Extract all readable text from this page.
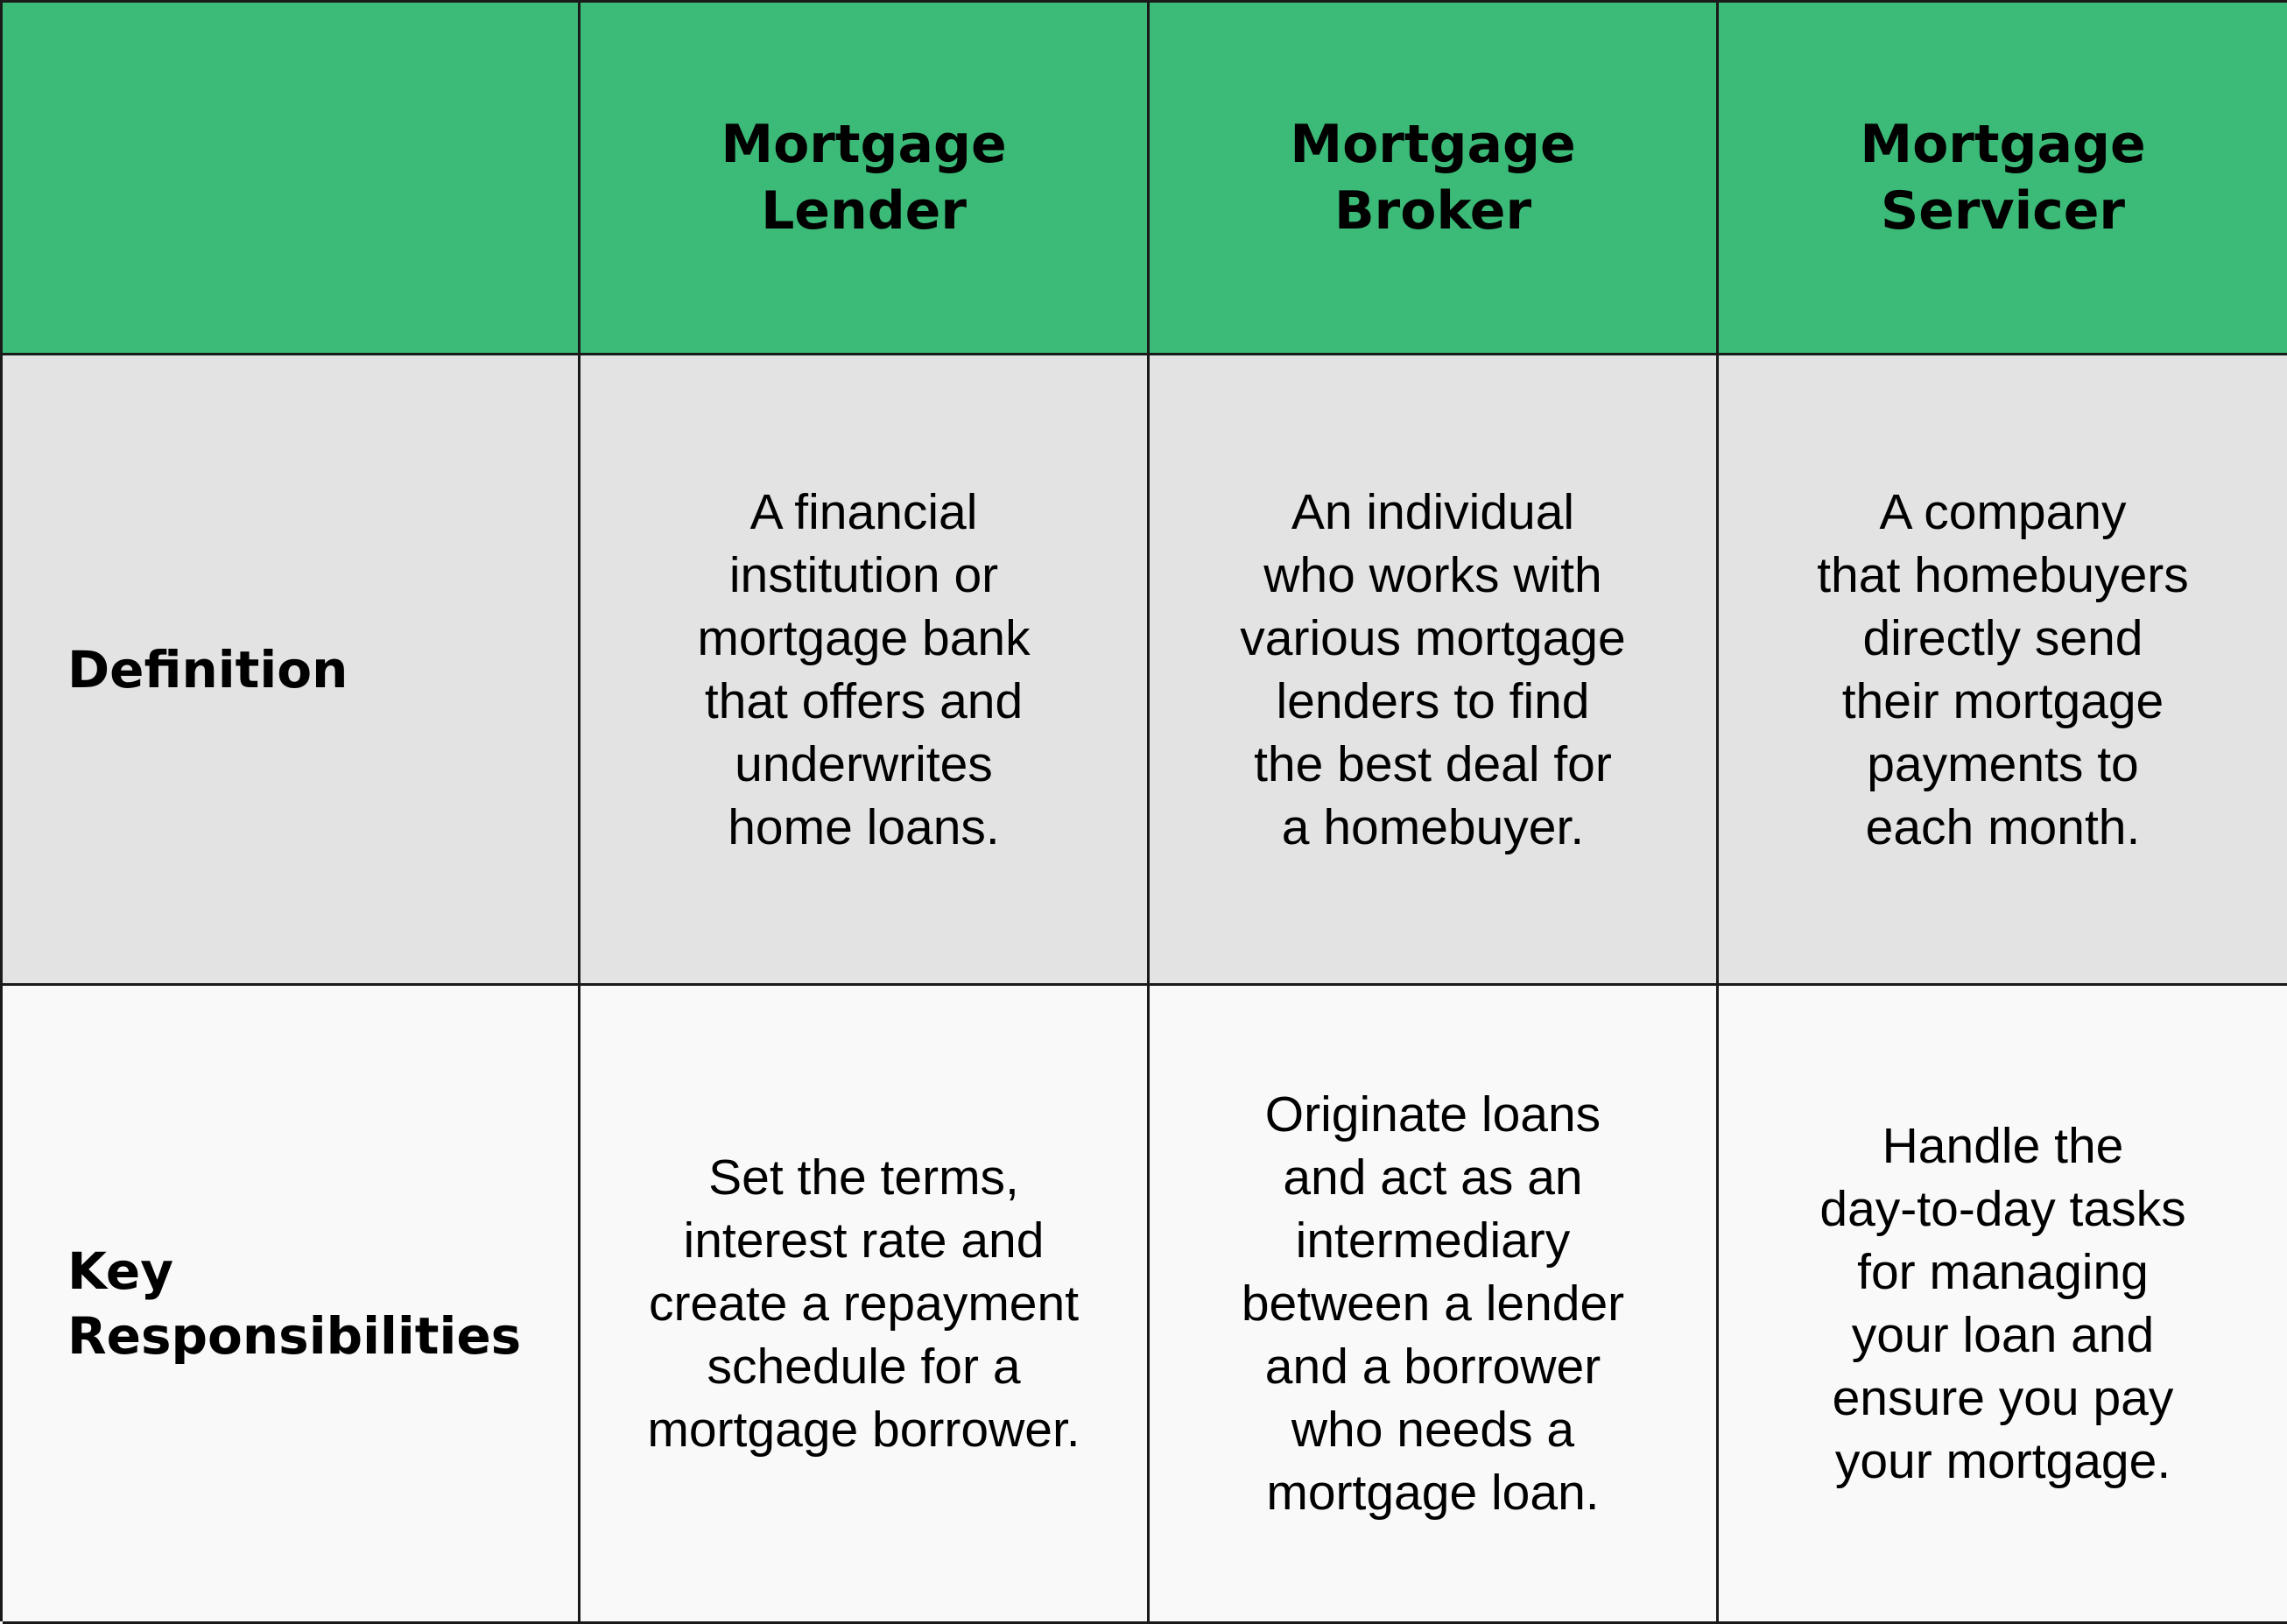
Mortgage
Lender
Mortgage
Broker
Mortgage
Servicer
Definition
A financial
institution or
mortgage bank
that offers and
underwrites
home loans.
An individual
who works with
various mortgage
lenders to find
the best deal for
a homebuyer.
A company
that homebuyers
directly send
their mortgage
payments to
each month.
Key
Responsibilities
Set the terms,
interest rate and
create a repayment
schedule for a
mortgage borrower.
Originate loans
and act as an
intermediary
between a lender
and a borrower
who needs a
mortgage loan.
Handle the
day-to-day tasks
for managing
your loan and
ensure you pay
your mortgage.
